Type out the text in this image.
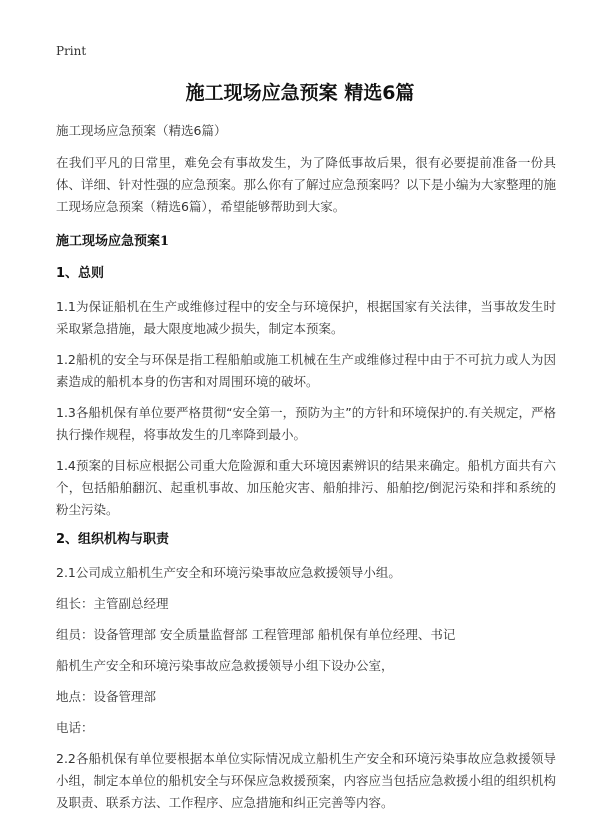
Print
施工现场应急预案 精选6篇

施工现场应急预案（精选6篇）

在我们平凡的日常里，难免会有事故发生，为了降低事故后果，很有必要提前准备一份具体、详细、针对性强的应急预案。那么你有了解过应急预案吗？以下是小编为大家整理的施工现场应急预案（精选6篇），希望能够帮助到大家。

施工现场应急预案1
1、总则

1.1为保证船机在生产或维修过程中的安全与环境保护，根据国家有关法律，当事故发生时采取紧急措施，最大限度地减少损失，制定本预案。

1.2船机的安全与环保是指工程船舶或施工机械在生产或维修过程中由于不可抗力或人为因素造成的船机本身的伤害和对周围环境的破坏。

1.3各船机保有单位要严格贯彻“安全第一，预防为主”的方针和环境保护的.有关规定，严格执行操作规程，将事故发生的几率降到最小。

1.4预案的目标应根据公司重大危险源和重大环境因素辨识的结果来确定。船机方面共有六个，包括船舶翻沉、起重机事故、加压舱灾害、船舶排污、船舶挖/倒泥污染和拌和系统的粉尘污染。

2、组织机构与职责

2.1公司成立船机生产安全和环境污染事故应急救援领导小组。

组长：主管副总经理

组员：设备管理部 安全质量监督部 工程管理部 船机保有单位经理、书记

船机生产安全和环境污染事故应急救援领导小组下设办公室，

地点：设备管理部

电话：

2.2各船机保有单位要根据本单位实际情况成立船机生产安全和环境污染事故应急救援领导小组，制定本单位的船机安全与环保应急救援预案，内容应当包括应急救援小组的组织机构及职责、联系方法、工作程序、应急措施和纠正完善等内容。
